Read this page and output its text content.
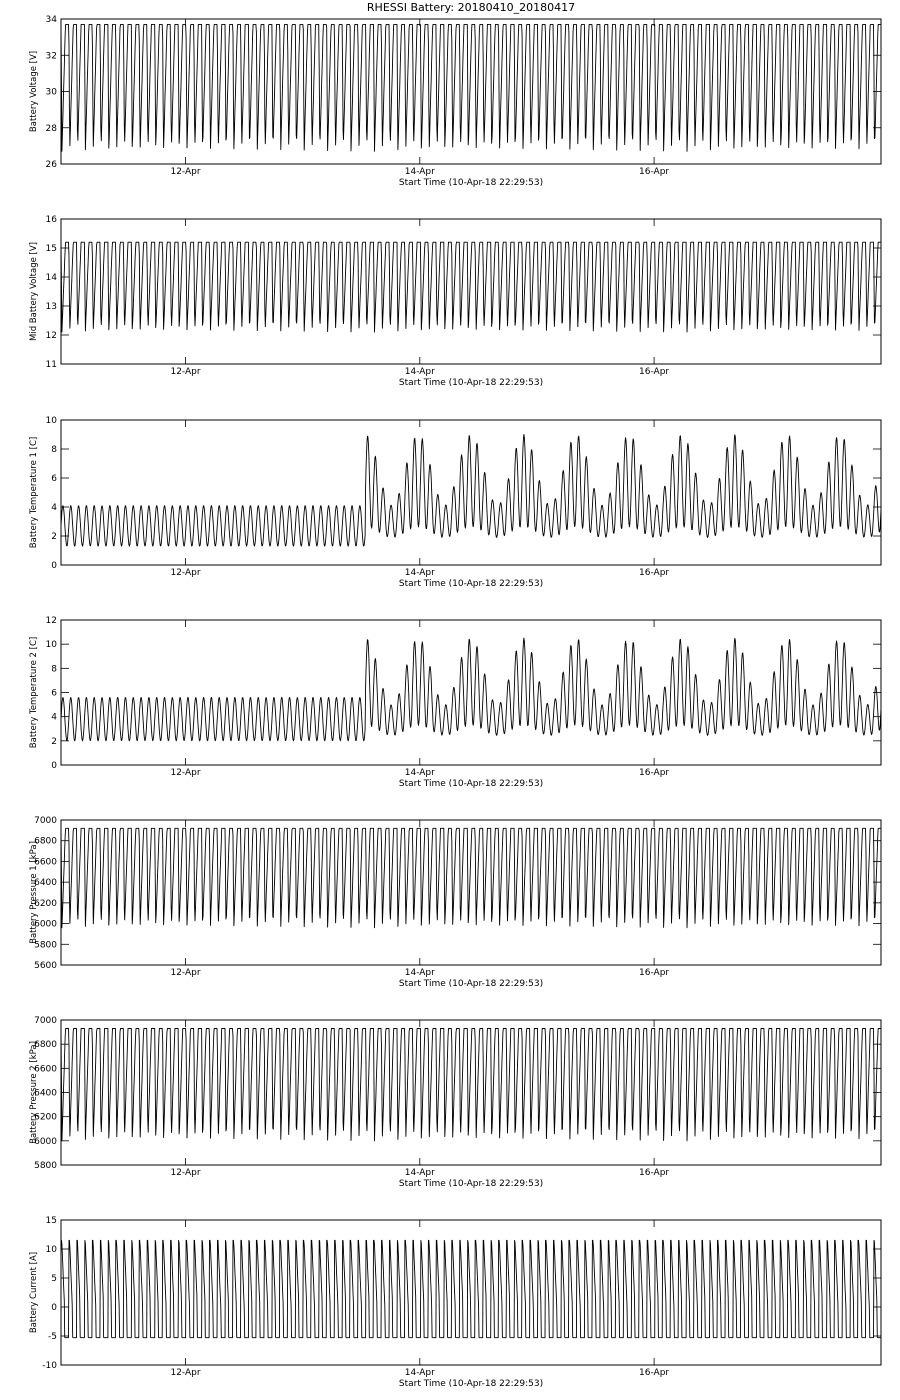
RHESSI Battery: 20180410_20180417
26
28
30
32
34
12-Apr	14-Apr	16-Apr
Start Time (10-Apr-18 22:29:53)
Battery Voltage [V]
11
12
13
14
15
16
12-Apr	14-Apr	16-Apr
Start Time (10-Apr-18 22:29:53)
Mid Battery Voltage [V]
0
2
4
6
8
10
12-Apr	14-Apr	16-Apr
Start Time (10-Apr-18 22:29:53)
Battery Temperature 1 [C]
0
2
4
6
8
10
12
12-Apr	14-Apr	16-Apr
Start Time (10-Apr-18 22:29:53)
Battery Temperature 2 [C]
5600
5800
6000
6200
6400
6600
6800
7000
12-Apr	14-Apr	16-Apr
Start Time (10-Apr-18 22:29:53)
Battery Pressure 1 [kPa]
5800
6000
6200
6400
6600
6800
7000
12-Apr	14-Apr	16-Apr
Start Time (10-Apr-18 22:29:53)
Battery Pressure 2 [kPa]
-10
-5
0
5
10
15
12-Apr	14-Apr	16-Apr
Start Time (10-Apr-18 22:29:53)
Battery Current [A]
